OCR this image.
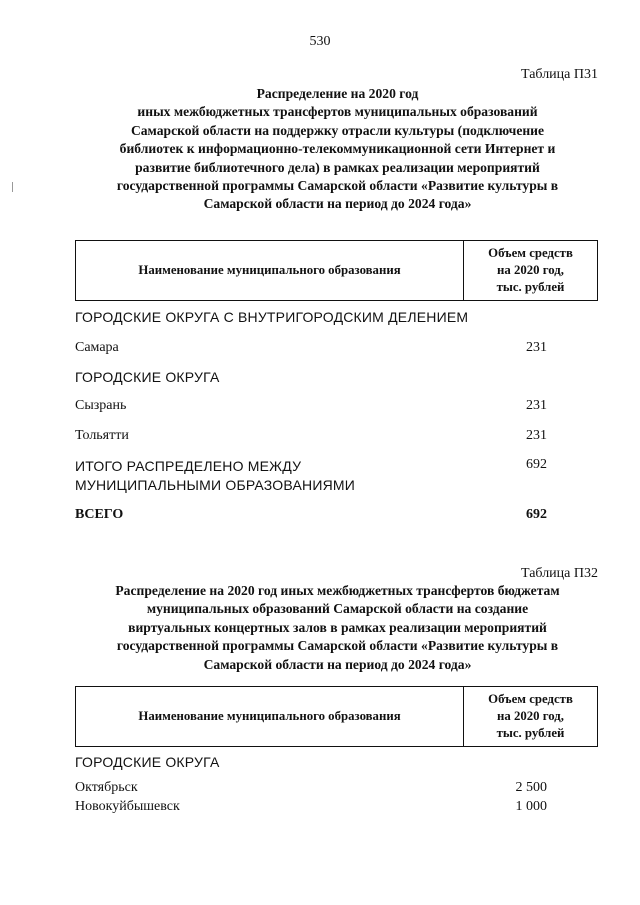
530
Таблица П31
Распределение на 2020 год
иных межбюджетных трансфертов муниципальных образований
Самарской области на поддержку отрасли культуры (подключение
библиотек к информационно-телекоммуникационной сети Интернет и
развитие библиотечного дела) в рамках реализации мероприятий
государственной программы Самарской области «Развитие культуры в
Самарской области на период до 2024 года»
Наименование муниципального образования
Объем средств
на 2020 год,
тыс. рублей
ГОРОДСКИЕ ОКРУГА С ВНУТРИГОРОДСКИМ ДЕЛЕНИЕМ
Самара	231
ГОРОДСКИЕ ОКРУГА
Сызрань	231
Тольятти	231
ИТОГО РАСПРЕДЕЛЕНО МЕЖДУ
МУНИЦИПАЛЬНЫМИ ОБРАЗОВАНИЯМИ
692
ВСЕГО	692
Таблица П32
Распределение на 2020 год иных межбюджетных трансфертов бюджетам
муниципальных образований Самарской области на создание
виртуальных концертных залов в рамках реализации мероприятий
государственной программы Самарской области «Развитие культуры в
Самарской области на период до 2024 года»
Наименование муниципального образования
Объем средств
на 2020 год,
тыс. рублей
ГОРОДСКИЕ ОКРУГА
Октябрьск	2 500
Новокуйбышевск	1 000
